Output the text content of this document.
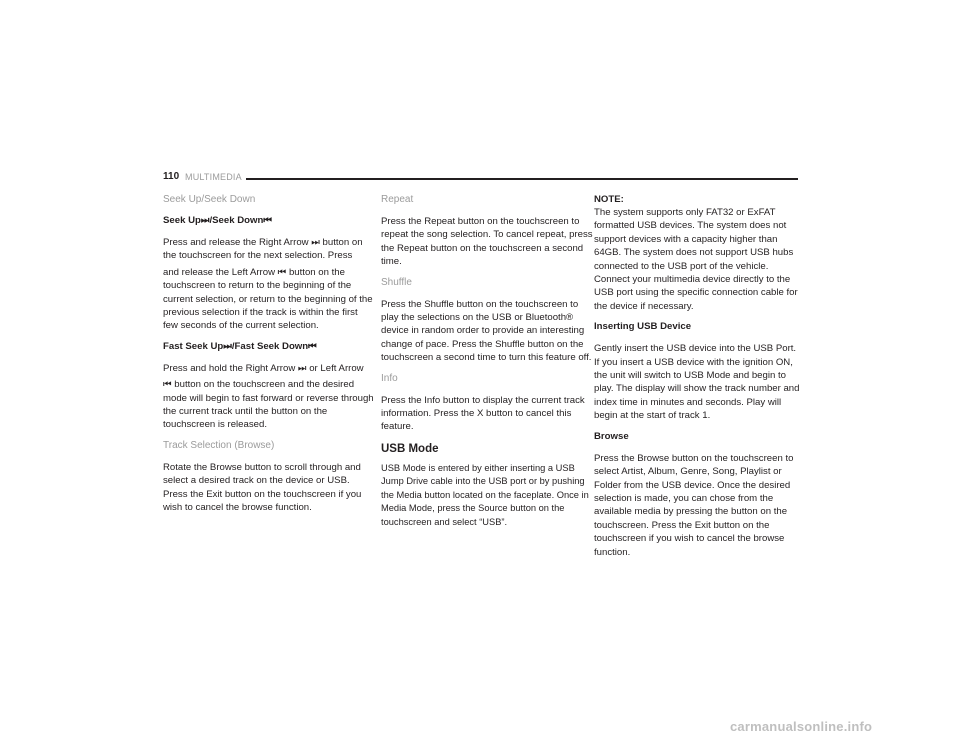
110 MULTIMEDIA
Seek Up/Seek Down
Seek Up⏭/Seek Down⏮
Press and release the Right Arrow ⏭ button on the touchscreen for the next selection. Press
and release the Left Arrow ⏮ button on the touchscreen to return to the beginning of the current selection, or return to the beginning of the previous selection if the track is within the first few seconds of the current selection.
Fast Seek Up⏭/Fast Seek Down⏮
Press and hold the Right Arrow ⏭ or Left Arrow
⏮ button on the touchscreen and the desired mode will begin to fast forward or reverse through the current track until the button on the touchscreen is released.
Track Selection (Browse)
Rotate the Browse button to scroll through and select a desired track on the device or USB. Press the Exit button on the touchscreen if you wish to cancel the browse function.
Repeat
Press the Repeat button on the touchscreen to repeat the song selection. To cancel repeat, press the Repeat button on the touchscreen a second time.
Shuffle
Press the Shuffle button on the touchscreen to play the selections on the USB or Bluetooth® device in random order to provide an interesting change of pace. Press the Shuffle button on the touchscreen a second time to turn this feature off.
Info
Press the Info button to display the current track information. Press the X button to cancel this feature.
USB Mode
USB Mode is entered by either inserting a USB Jump Drive cable into the USB port or by pushing the Media button located on the faceplate. Once in Media Mode, press the Source button on the touchscreen and select “USB”.
NOTE:
The system supports only FAT32 or ExFAT formatted USB devices. The system does not support devices with a capacity higher than 64GB. The system does not support USB hubs connected to the USB port of the vehicle. Connect your multimedia device directly to the USB port using the specific connection cable for the device if necessary.
Inserting USB Device
Gently insert the USB device into the USB Port. If you insert a USB device with the ignition ON, the unit will switch to USB Mode and begin to play. The display will show the track number and index time in minutes and seconds. Play will begin at the start of track 1.
Browse
Press the Browse button on the touchscreen to select Artist, Album, Genre, Song, Playlist or Folder from the USB device. Once the desired selection is made, you can chose from the available media by pressing the button on the touchscreen. Press the Exit button on the touchscreen if you wish to cancel the browse function.
carmanualsonline.info
